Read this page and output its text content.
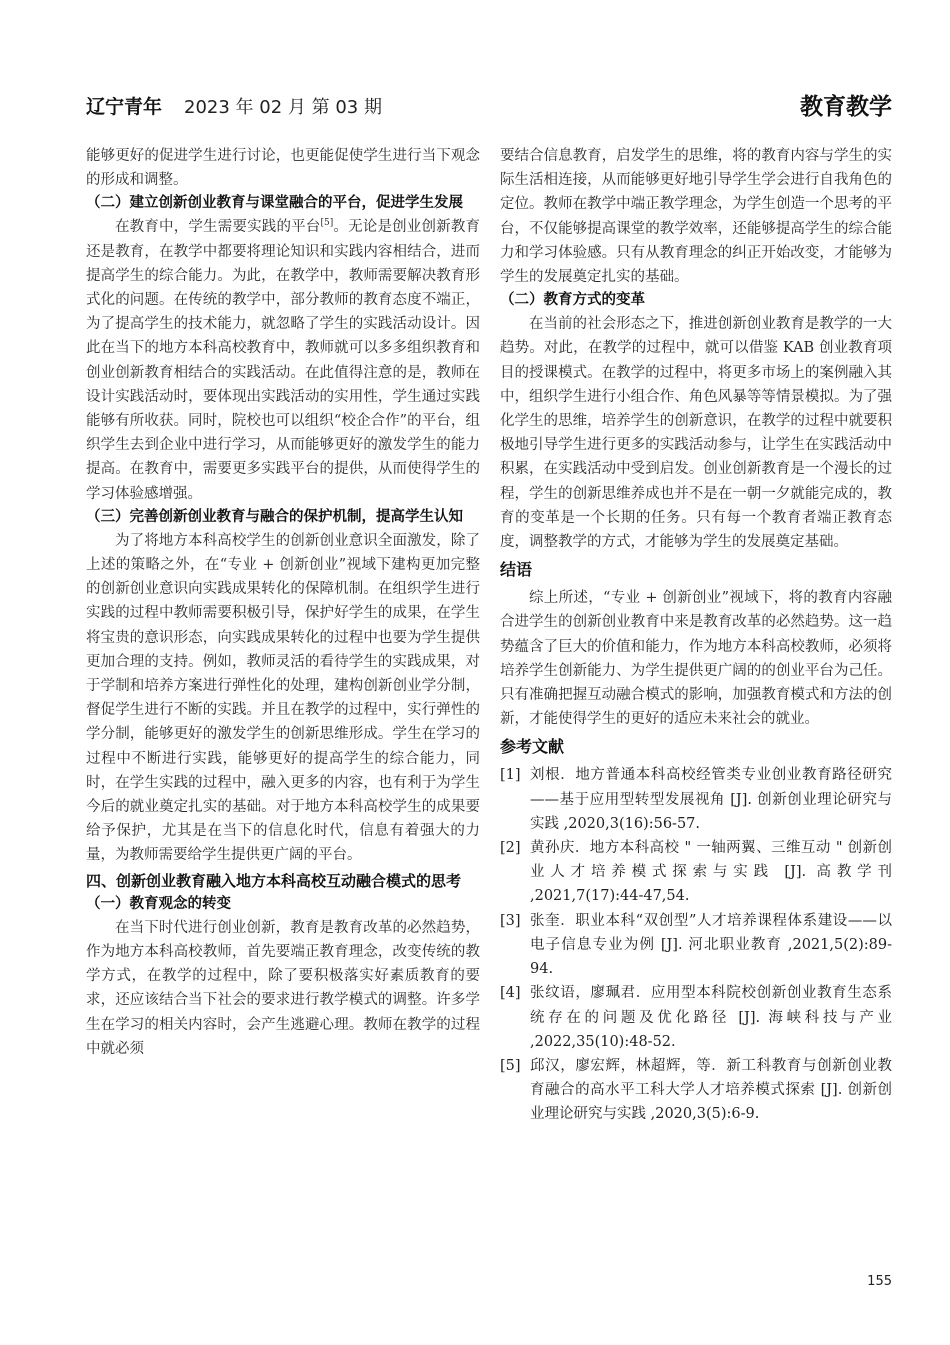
辽宁青年 2023 年 02 月 第 03 期	教育教学

能够更好的促进学生进行讨论，也更能促使学生进行当下观念的形成和调整。

（二）建立创新创业教育与课堂融合的平台，促进学生发展

在教育中，学生需要实践的平台[5]。无论是创业创新教育还是教育，在教学中都要将理论知识和实践内容相结合，进而提高学生的综合能力。为此，在教学中，教师需要解决教育形式化的问题。在传统的教学中，部分教师的教育态度不端正，为了提高学生的技术能力，就忽略了学生的实践活动设计。因此在当下的地方本科高校教育中，教师就可以多多组织教育和创业创新教育相结合的实践活动。在此值得注意的是，教师在设计实践活动时，要体现出实践活动的实用性，学生通过实践能够有所收获。同时，院校也可以组织“校企合作”的平台，组织学生去到企业中进行学习，从而能够更好的激发学生的能力提高。在教育中，需要更多实践平台的提供，从而使得学生的学习体验感增强。

（三）完善创新创业教育与融合的保护机制，提高学生认知

为了将地方本科高校学生的创新创业意识全面激发，除了上述的策略之外，在“专业 + 创新创业”视域下建构更加完整的创新创业意识向实践成果转化的保障机制。在组织学生进行实践的过程中教师需要积极引导，保护好学生的成果，在学生将宝贵的意识形态，向实践成果转化的过程中也要为学生提供更加合理的支持。例如，教师灵活的看待学生的实践成果，对于学制和培养方案进行弹性化的处理，建构创新创业学分制，督促学生进行不断的实践。并且在教学的过程中，实行弹性的学分制，能够更好的激发学生的创新思维形成。学生在学习的过程中不断进行实践，能够更好的提高学生的综合能力，同时，在学生实践的过程中，融入更多的内容，也有利于为学生今后的就业奠定扎实的基础。对于地方本科高校学生的成果要给予保护，尤其是在当下的信息化时代，信息有着强大的力量，为教师需要给学生提供更广阔的平台。

四、创新创业教育融入地方本科高校互动融合模式的思考
（一）教育观念的转变

在当下时代进行创业创新，教育是教育改革的必然趋势，作为地方本科高校教师，首先要端正教育理念，改变传统的教学方式，在教学的过程中，除了要积极落实好素质教育的要求，还应该结合当下社会的要求进行教学模式的调整。许多学生在学习的相关内容时，会产生逃避心理。教师在教学的过程中就必须

要结合信息教育，启发学生的思维，将的教育内容与学生的实际生活相连接，从而能够更好地引导学生学会进行自我角色的定位。教师在教学中端正教学理念，为学生创造一个思考的平台，不仅能够提高课堂的教学效率，还能够提高学生的综合能力和学习体验感。只有从教育理念的纠正开始改变，才能够为学生的发展奠定扎实的基础。

（二）教育方式的变革

在当前的社会形态之下，推进创新创业教育是教学的一大趋势。对此，在教学的过程中，就可以借鉴 KAB 创业教育项目的授课模式。在教学的过程中，将更多市场上的案例融入其中，组织学生进行小组合作、角色风暴等等情景模拟。为了强化学生的思维，培养学生的创新意识，在教学的过程中就要积极地引导学生进行更多的实践活动参与，让学生在实践活动中积累，在实践活动中受到启发。创业创新教育是一个漫长的过程，学生的创新思维养成也并不是在一朝一夕就能完成的，教育的变革是一个长期的任务。只有每一个教育者端正教育态度，调整教学的方式，才能够为学生的发展奠定基础。

结语

综上所述，“专业 + 创新创业”视域下，将的教育内容融合进学生的创新创业教育中来是教育改革的必然趋势。这一趋势蕴含了巨大的价值和能力，作为地方本科高校教师，必须将培养学生创新能力、为学生提供更广阔的的创业平台为己任。只有准确把握互动融合模式的影响，加强教育模式和方法的创新，才能使得学生的更好的适应未来社会的就业。

参考文献

[1] 刘根．地方普通本科高校经管类专业创业教育路径研究——基于应用型转型发展视角 [J]. 创新创业理论研究与实践 ,2020,3(16):56-57.

[2] 黄孙庆．地方本科高校 " 一轴两翼、三维互动 " 创新创业人才培养模式探索与实践 [J]. 高教学刊 ,2021,7(17):44-47,54.

[3] 张奎．职业本科“双创型”人才培养课程体系建设——以电子信息专业为例 [J]. 河北职业教育 ,2021,5(2):89-94.

[4] 张纹语，廖珮君．应用型本科院校创新创业教育生态系统存在的问题及优化路径 [J]. 海峡科技与产业 ,2022,35(10):48-52.

[5] 邱汉，廖宏辉，林超辉，等．新工科教育与创新创业教育融合的高水平工科大学人才培养模式探索 [J]. 创新创业理论研究与实践 ,2020,3(5):6-9.

155
